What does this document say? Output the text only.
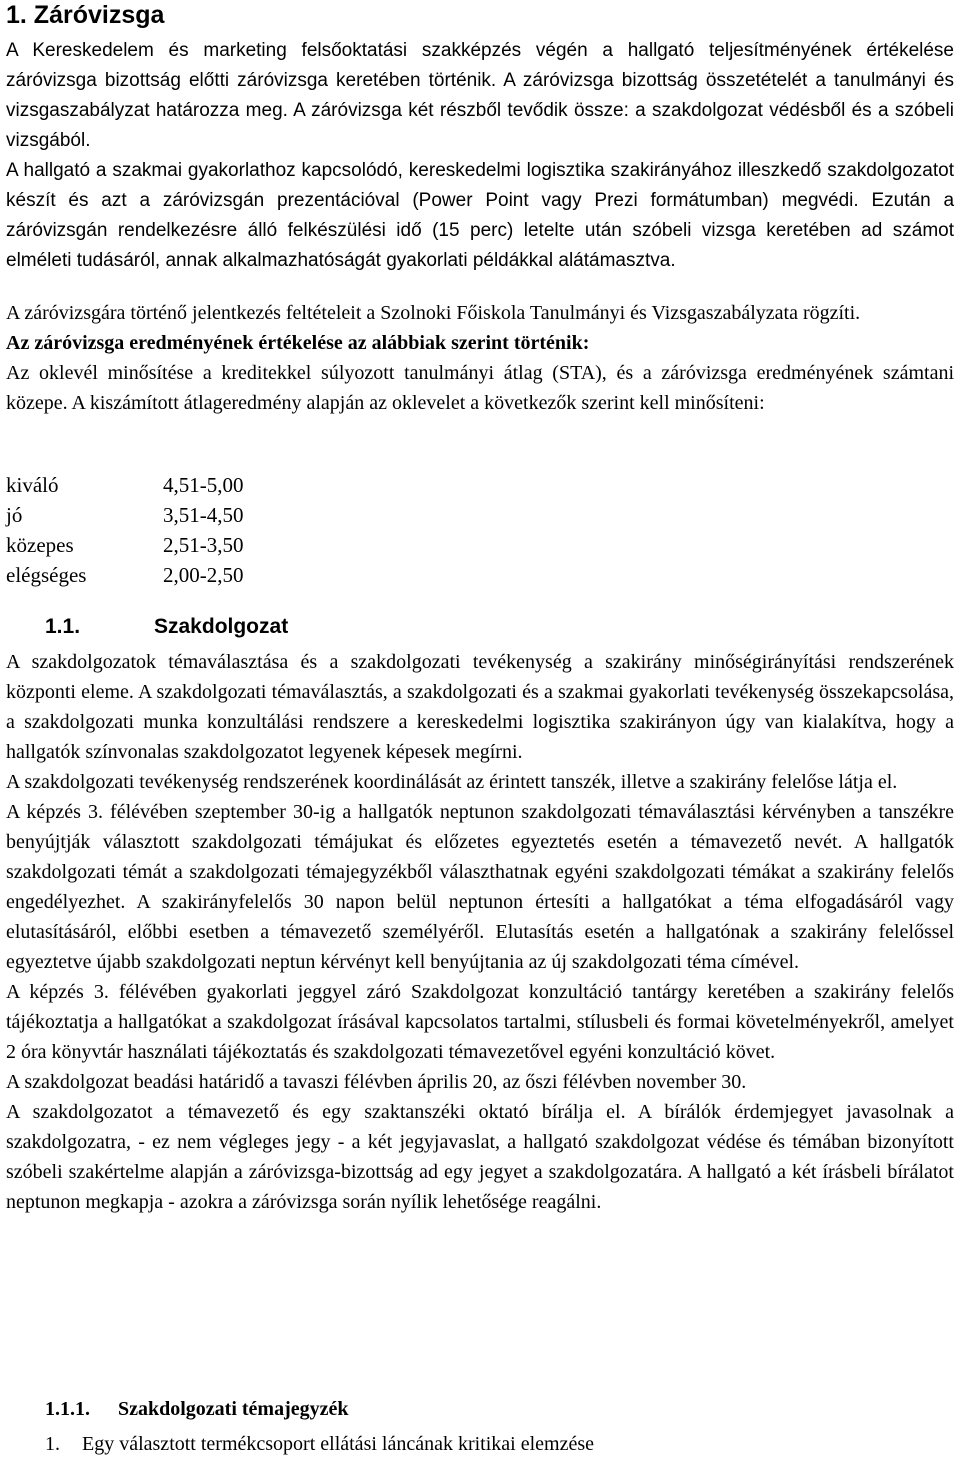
1. Záróvizsga

A Kereskedelem és marketing felsőoktatási szakképzés végén a hallgató teljesítményének értékelése záróvizsga bizottság előtti záróvizsga keretében történik. A záróvizsga bizottság összetételét a tanulmányi és vizsgaszabályzat határozza meg. A záróvizsga két részből tevődik össze: a szakdolgozat védésből és a szóbeli vizsgából.

A hallgató a szakmai gyakorlathoz kapcsolódó, kereskedelmi logisztika szakirányához illeszkedő szakdolgozatot készít és azt a záróvizsgán prezentációval (Power Point vagy Prezi formátumban) megvédi. Ezután a záróvizsgán rendelkezésre álló felkészülési idő (15 perc) letelte után szóbeli vizsga keretében ad számot elméleti tudásáról, annak alkalmazhatóságát gyakorlati példákkal alátámasztva.

A záróvizsgára történő jelentkezés feltételeit a Szolnoki Főiskola Tanulmányi és Vizsgaszabályzata rögzíti.

Az záróvizsga eredményének értékelése az alábbiak szerint történik:

Az oklevél minősítése a kreditekkel súlyozott tanulmányi átlag (STA), és a záróvizsga eredményének számtani közepe. A kiszámított átlageredmény alapján az oklevelet a következők szerint kell minősíteni:

kiváló	4,51-5,00
jó	3,51-4,50
közepes	2,51-3,50
elégséges	2,00-2,50
1.1.	Szakdolgozat

A szakdolgozatok témaválasztása és a szakdolgozati tevékenység a szakirány minőségirányítási rendszerének központi eleme. A szakdolgozati témaválasztás, a szakdolgozati és a szakmai gyakorlati tevékenység összekapcsolása, a szakdolgozati munka konzultálási rendszere a kereskedelmi logisztika szakirányon úgy van kialakítva, hogy a hallgatók színvonalas szakdolgozatot legyenek képesek megírni.

A szakdolgozati tevékenység rendszerének koordinálását az érintett tanszék, illetve a szakirány felelőse látja el.

A képzés 3. félévében szeptember 30-ig a hallgatók neptunon szakdolgozati témaválasztási kérvényben a tanszékre benyújtják választott szakdolgozati témájukat és előzetes egyeztetés esetén a témavezető nevét. A hallgatók szakdolgozati témát a szakdolgozati témajegyzékből választhatnak egyéni szakdolgozati témákat a szakirány felelős engedélyezhet. A szakirányfelelős 30 napon belül neptunon értesíti a hallgatókat a téma elfogadásáról vagy elutasításáról, előbbi esetben a témavezető személyéről. Elutasítás esetén a hallgatónak a szakirány felelőssel egyeztetve újabb szakdolgozati neptun kérvényt kell benyújtania az új szakdolgozati téma címével.

A képzés 3. félévében gyakorlati jeggyel záró Szakdolgozat konzultáció tantárgy keretében a szakirány felelős tájékoztatja a hallgatókat a szakdolgozat írásával kapcsolatos tartalmi, stílusbeli és formai követelményekről, amelyet 2 óra könyvtár használati tájékoztatás és szakdolgozati témavezetővel egyéni konzultáció követ.

A szakdolgozat beadási határidő a tavaszi félévben április 20, az őszi félévben november 30.

A szakdolgozatot a témavezető és egy szaktanszéki oktató bírálja el. A bírálók érdemjegyet javasolnak a szakdolgozatra, - ez nem végleges jegy - a két jegyjavaslat, a hallgató szakdolgozat védése és témában bizonyított szóbeli szakértelme alapján a záróvizsga-bizottság ad egy jegyet a szakdolgozatára. A hallgató a két írásbeli bírálatot neptunon megkapja - azokra a záróvizsga során nyílik lehetősége reagálni.

1.1.1. Szakdolgozati témajegyzék
1. Egy választott termékcsoport ellátási láncának kritikai elemzése
